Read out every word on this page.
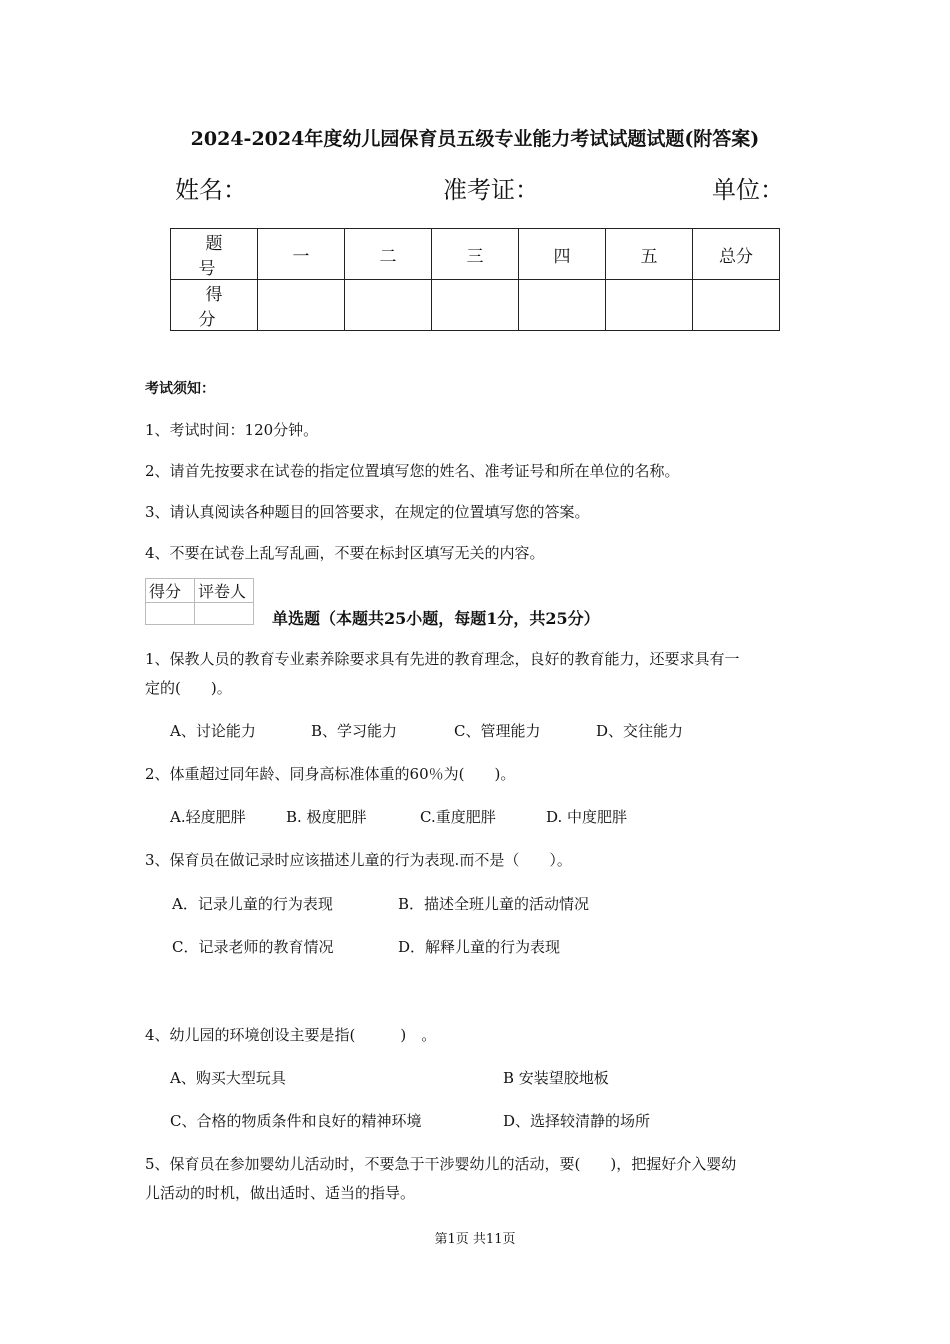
2024-2024年度幼儿园保育员五级专业能力考试试题试题(附答案)
姓名：	准考证：	单位：
题 号	一	二	三	四	五	总分
得 分						
考试须知：
1、考试时间：120分钟。
2、请首先按要求在试卷的指定位置填写您的姓名、准考证号和所在单位的名称。
3、请认真阅读各种题目的回答要求，在规定的位置填写您的答案。
4、不要在试卷上乱写乱画，不要在标封区填写无关的内容。
得分	评卷人

单选题（本题共25小题，每题1分，共25分）
1、保教人员的教育专业素养除要求具有先进的教育理念，良好的教育能力，还要求具有一
定的(　　)。
A、讨论能力	B、学习能力	C、管理能力	D、交往能力
2、体重超过同年龄、同身高标准体重的60％为(　　)。
A.轻度肥胖	B. 极度肥胖	C.重度肥胖	D. 中度肥胖
3、保育员在做记录时应该描述儿童的行为表现.而不是（　　）。
A．记录儿童的行为表现	B．描述全班儿童的活动情况
C．记录老师的教育情况	D．解释儿童的行为表现
4、幼儿园的环境创设主要是指(　　　)　。
A、购买大型玩具	B 安装望胶地板
C、合格的物质条件和良好的精神环境	D、选择较清静的场所
5、保育员在参加婴幼儿活动时，不要急于干涉婴幼儿的活动，要(　　)，把握好介入婴幼
儿活动的时机，做出适时、适当的指导。
第1页 共11页
